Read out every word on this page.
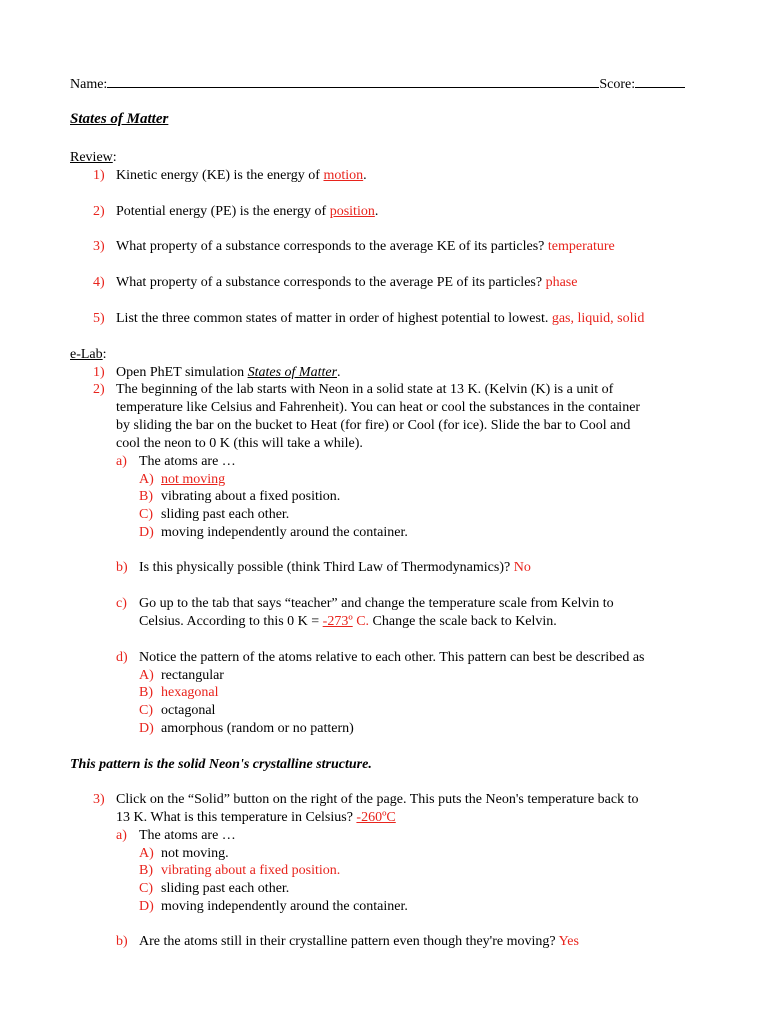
Name:	Score:
States of Matter
Review:
1) Kinetic energy (KE) is the energy of motion.
2) Potential energy (PE) is the energy of position.
3) What property of a substance corresponds to the average KE of its particles? temperature
4) What property of a substance corresponds to the average PE of its particles? phase
5) List the three common states of matter in order of highest potential to lowest. gas, liquid, solid
e-Lab:
1) Open PhET simulation States of Matter.
2) The beginning of the lab starts with Neon in a solid state at 13 K. (Kelvin (K) is a unit of
temperature like Celsius and Fahrenheit). You can heat or cool the substances in the container
by sliding the bar on the bucket to Heat (for fire) or Cool (for ice). Slide the bar to Cool and
cool the neon to 0 K (this will take a while).
a) The atoms are …
A) not moving
B) vibrating about a fixed position.
C) sliding past each other.
D) moving independently around the container.
b) Is this physically possible (think Third Law of Thermodynamics)? No
c) Go up to the tab that says “teacher” and change the temperature scale from Kelvin to
Celsius. According to this 0 K = -273º C. Change the scale back to Kelvin.
d) Notice the pattern of the atoms relative to each other. This pattern can best be described as
A) rectangular
B) hexagonal
C) octagonal
D) amorphous (random or no pattern)
This pattern is the solid Neon's crystalline structure.
3) Click on the “Solid” button on the right of the page. This puts the Neon's temperature back to
13 K. What is this temperature in Celsius? -260ºC
a) The atoms are …
A) not moving.
B) vibrating about a fixed position.
C) sliding past each other.
D) moving independently around the container.
b) Are the atoms still in their crystalline pattern even though they're moving? Yes
